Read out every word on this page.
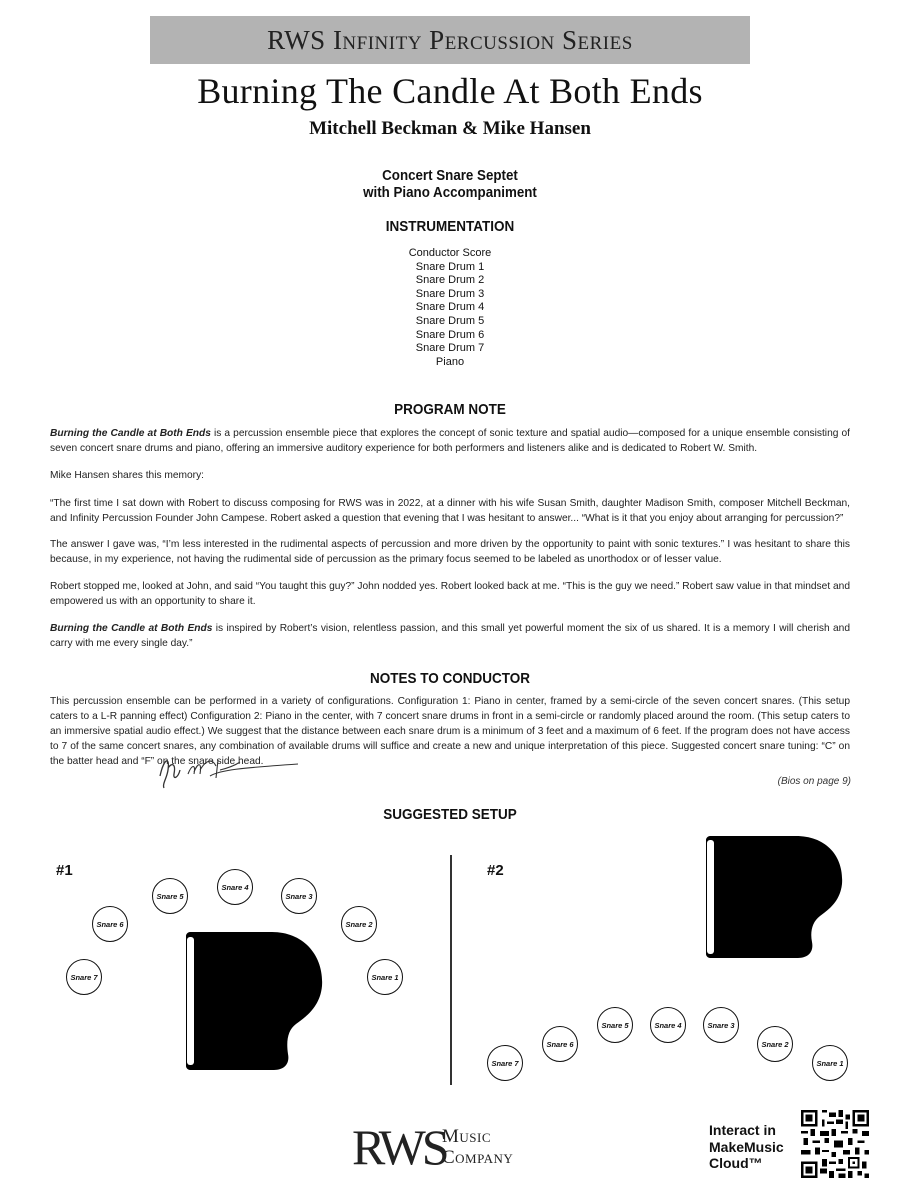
RWS Infinity Percussion Series
Burning The Candle At Both Ends
Mitchell Beckman & Mike Hansen
Concert Snare Septet
with Piano Accompaniment
INSTRUMENTATION
Conductor Score
Snare Drum 1
Snare Drum 2
Snare Drum 3
Snare Drum 4
Snare Drum 5
Snare Drum 6
Snare Drum 7
Piano
PROGRAM NOTE

Burning the Candle at Both Ends is a percussion ensemble piece that explores the concept of sonic texture and spatial audio—composed for a unique ensemble consisting of seven concert snare drums and piano, offering an immersive auditory experience for both performers and listeners alike and is dedicated to Robert W. Smith.

Mike Hansen shares this memory:

“The first time I sat down with Robert to discuss composing for RWS was in 2022, at a dinner with his wife Susan Smith, daughter Madison Smith, composer Mitchell Beckman, and Infinity Percussion Founder John Campese. Robert asked a question that evening that I was hesitant to answer... “What is it that you enjoy about arranging for percussion?”

The answer I gave was, “I’m less interested in the rudimental aspects of percussion and more driven by the opportunity to paint with sonic textures.” I was hesitant to share this because, in my experience, not having the rudimental side of percussion as the primary focus seemed to be labeled as unorthodox or of lesser value.

Robert stopped me, looked at John, and said “You taught this guy?” John nodded yes. Robert looked back at me. “This is the guy we need.” Robert saw value in that mindset and empowered us with an opportunity to share it.

Burning the Candle at Both Ends is inspired by Robert’s vision, relentless passion, and this small yet powerful moment the six of us shared. It is a memory I will cherish and carry with me every single day.”

NOTES TO CONDUCTOR

This percussion ensemble can be performed in a variety of configurations. Configuration 1: Piano in center, framed by a semi-circle of the seven concert snares. (This setup caters to a L-R panning effect) Configuration 2: Piano in the center, with 7 concert snare drums in front in a semi-circle or randomly placed around the room. (This setup caters to an immersive spatial audio effect.) We suggest that the distance between each snare drum is a minimum of 3 feet and a maximum of 6 feet. If the program does not have access to 7 of the same concert snares, any combination of available drums will suffice and create a new and unique interpretation of this piece. Suggested concert snare tuning: “C” on the batter head and “F” on the snare side head.

(Bios on page 9)
SUGGESTED SETUP
#1	#2
Snare 5
Snare 4
Snare 3
Snare 6	Snare 2
Snare 7	Snare 1
Snare 5	Snare 4	Snare 3
Snare 6	Snare 2
Snare 7	Snare 1
RWS
Music
Company
Interact in
MakeMusic
Cloud™
